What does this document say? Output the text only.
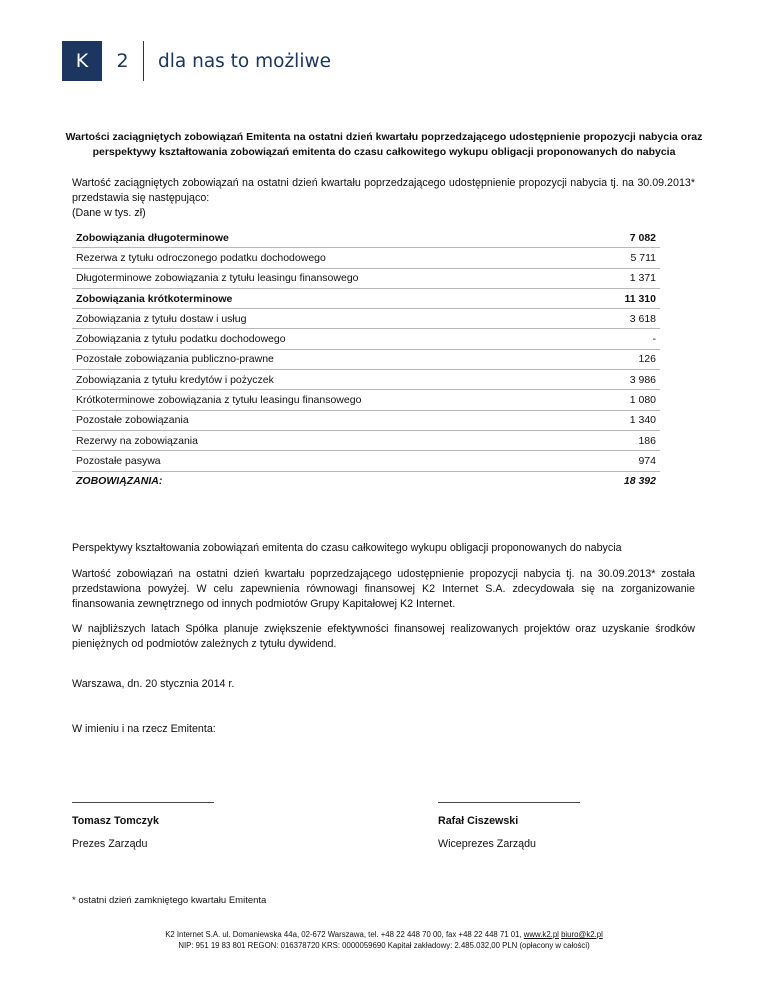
K	2	dla nas to możliwe
Wartości zaciągniętych zobowiązań Emitenta na ostatni dzień kwartału poprzedzającego udostępnienie propozycji nabycia oraz perspektywy kształtowania zobowiązań emitenta do czasu całkowitego wykupu obligacji proponowanych do nabycia
Wartość zaciągniętych zobowiązań na ostatni dzień kwartału poprzedzającego udostępnienie propozycji nabycia tj. na 30.09.2013* przedstawia się następująco:
(Dane w tys. zł)
Zobowiązania długoterminowe	7 082
Rezerwa z tytułu odroczonego podatku dochodowego	5 711
Długoterminowe zobowiązania z tytułu leasingu finansowego	1 371
Zobowiązania krótkoterminowe	11 310
Zobowiązania z tytułu dostaw i usług	3 618
Zobowiązania z tytułu podatku dochodowego	-
Pozostałe zobowiązania publiczno-prawne	126
Zobowiązania z tytułu kredytów i pożyczek	3 986
Krótkoterminowe zobowiązania z tytułu leasingu finansowego	1 080
Pozostałe zobowiązania	1 340
Rezerwy na zobowiązania	186
Pozostałe pasywa	974
ZOBOWIĄZANIA:	18 392
Perspektywy kształtowania zobowiązań emitenta do czasu całkowitego wykupu obligacji proponowanych do nabycia
Wartość zobowiązań na ostatni dzień kwartału poprzedzającego udostępnienie propozycji nabycia tj. na 30.09.2013* została przedstawiona powyżej. W celu zapewnienia równowagi finansowej K2 Internet S.A. zdecydowała się na zorganizowanie finansowania zewnętrznego od innych podmiotów Grupy Kapitałowej K2 Internet.
W najbliższych latach Spółka planuje zwiększenie efektywności finansowej realizowanych projektów oraz uzyskanie środków pieniężnych od podmiotów zależnych z tytułu dywidend.
Warszawa, dn. 20 stycznia 2014 r.
W imieniu i na rzecz Emitenta:
Tomasz Tomczyk
Prezes Zarządu
Rafał Ciszewski
Wiceprezes Zarządu
* ostatni dzień zamkniętego kwartału Emitenta
K2 Internet S.A. ul. Domaniewska 44a, 02-672 Warszawa, tel. +48 22 448 70 00, fax +48 22 448 71 01, www.k2.pl biuro@k2.pl
NIP: 951 19 83 801 REGON: 016378720 KRS: 0000059690 Kapitał zakładowy: 2.485.032,00 PLN (opłacony w całości)
